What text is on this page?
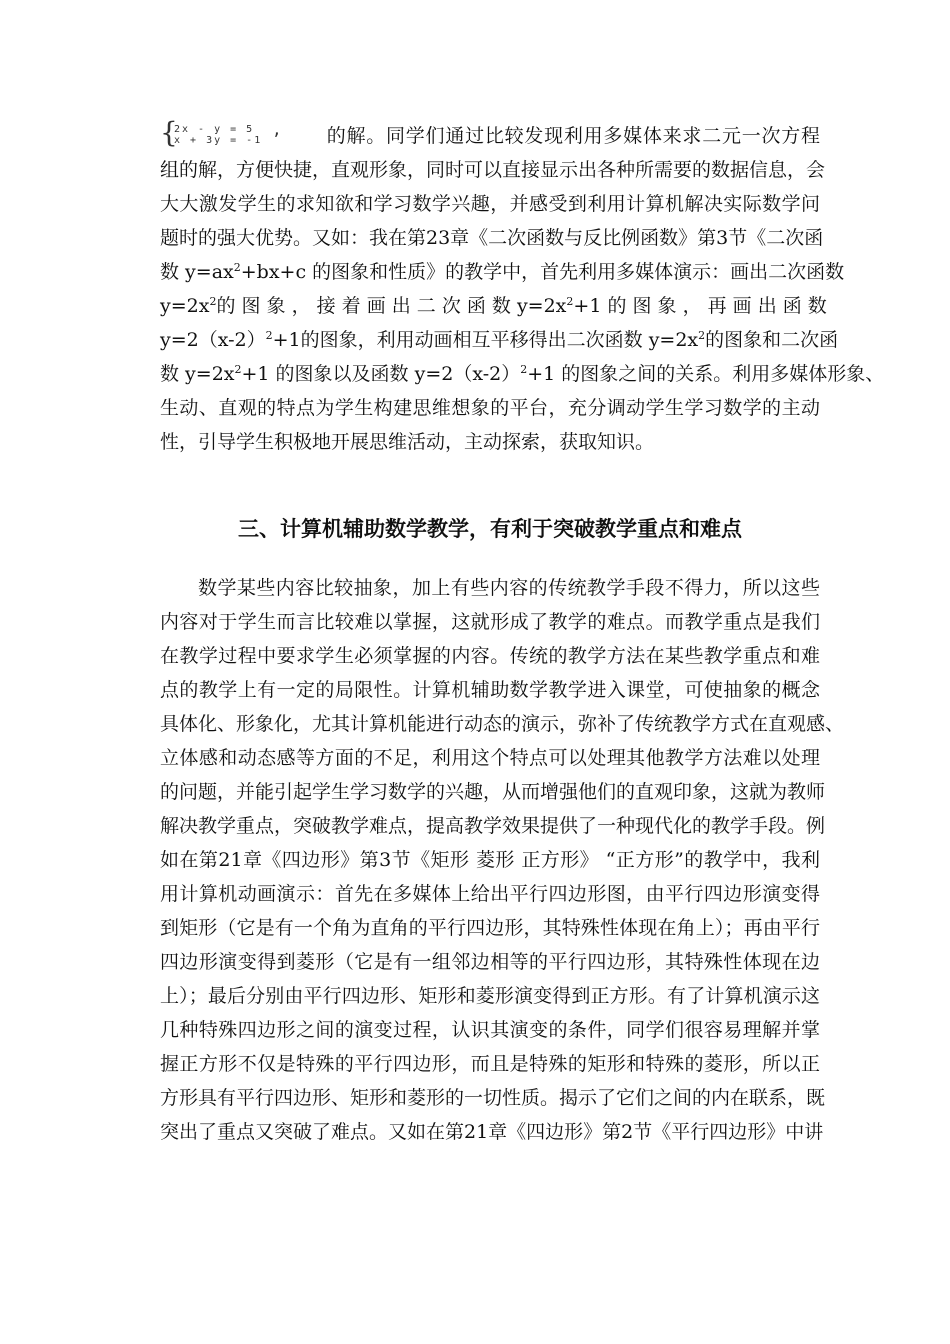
{
2x - y = 5
x + 3y = -1
, 的解。同学们通过比较发现利用多媒体来求二元一次方程
组的解，方便快捷，直观形象，同时可以直接显示出各种所需要的数据信息，会
大大激发学生的求知欲和学习数学兴趣，并感受到利用计算机解决实际数学问
题时的强大优势。又如：我在第23章《二次函数与反比例函数》第3节《二次函
数 $y=ax^2+bx+c$ 的图象和性质》的教学中，首先利用多媒体演示：画出二次函数
$y=2x^2$的 图 象 ， 接 着 画 出 二 次 函 数 $y=2x^2+1$ 的 图 象 ， 再 画 出 函 数
$y=2(x-2)^2+1$的图象，利用动画相互平移得出二次函数 $y=2x^2$的图象和二次函
数 $y=2x^2+1$ 的图象以及函数 $y=2(x-2)^2+1$ 的图象之间的关系。利用多媒体形象、
生动、直观的特点为学生构建思维想象的平台，充分调动学生学习数学的主动
性，引导学生积极地开展思维活动，主动探索，获取知识。
三、计算机辅助数学教学，有利于突破教学重点和难点
数学某些内容比较抽象，加上有些内容的传统教学手段不得力，所以这些
内容对于学生而言比较难以掌握，这就形成了教学的难点。而教学重点是我们
在教学过程中要求学生必须掌握的内容。传统的教学方法在某些教学重点和难
点的教学上有一定的局限性。计算机辅助数学教学进入课堂，可使抽象的概念
具体化、形象化，尤其计算机能进行动态的演示，弥补了传统教学方式在直观感、
立体感和动态感等方面的不足，利用这个特点可以处理其他教学方法难以处理
的问题，并能引起学生学习数学的兴趣，从而增强他们的直观印象，这就为教师
解决教学重点，突破教学难点，提高教学效果提供了一种现代化的教学手段。例
如在第21章《四边形》第3节《矩形 菱形 正方形》 “正方形”的教学中，我利
用计算机动画演示：首先在多媒体上给出平行四边形图，由平行四边形演变得
到矩形（它是有一个角为直角的平行四边形，其特殊性体现在角上）；再由平行
四边形演变得到菱形（它是有一组邻边相等的平行四边形，其特殊性体现在边
上）；最后分别由平行四边形、矩形和菱形演变得到正方形。有了计算机演示这
几种特殊四边形之间的演变过程，认识其演变的条件，同学们很容易理解并掌
握正方形不仅是特殊的平行四边形，而且是特殊的矩形和特殊的菱形，所以正
方形具有平行四边形、矩形和菱形的一切性质。揭示了它们之间的内在联系，既
突出了重点又突破了难点。又如在第21章《四边形》第2节《平行四边形》中讲
